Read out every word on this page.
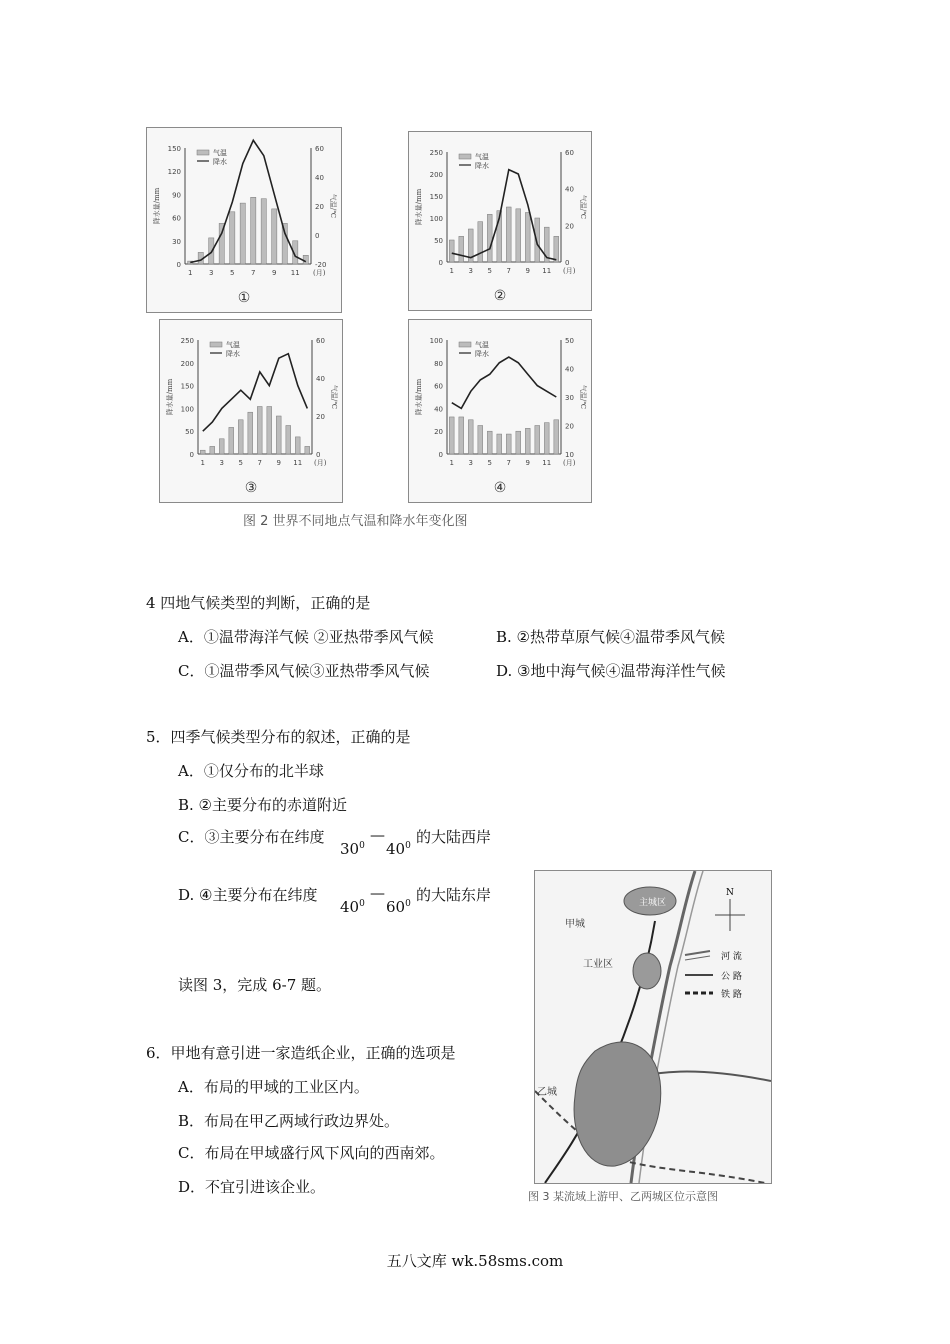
150
120
90
60
30
0
60
40
20
0
-20
降水量/mm	气温/℃
1 3 5 7 9 11 (月)
气温
降水
①
250
200
150
100
50
0
60
40
20
0
降水量/mm	气温/℃
1 3 5 7 9 11 (月)
气温
降水
②
250
200
150
100
50
0
60
40
20
0
降水量/mm	气温/℃
1 3 5 7 9 11 (月)
气温
降水
③
100
80
60
40
20
0
50
40
30
20
10
降水量/mm	气温/℃
1 3 5 7 9 11 (月)
气温
降水
④
图 2 世界不同地点气温和降水年变化图
4 四地气候类型的判断，正确的是
A．①温带海洋气候 ②亚热带季风气候	B. ②热带草原气候④温带季风气候
C．①温带季风气候③亚热带季风气候	D. ③地中海气候④温带海洋性气候
5．四季气候类型分布的叙述，正确的是
A．①仅分布的北半球
B. ②主要分布的赤道附近
C．③主要分布在纬度
$30^0$
—
$40^0$ 的大陆西岸
D. ④主要分布在纬度
$40^0$
—
$60^0$ 的大陆东岸
读图 3，完成 6-7 题。
6．甲地有意引进一家造纸企业，正确的选项是
A．布局的甲域的工业区内。
B．布局在甲乙两域行政边界处。
C．布局在甲域盛行风下风向的西南郊。
D．不宜引进该企业。
主城区
工业区
甲城
乙城
N
河 流
公 路
铁 路
图 3 某流域上游甲、乙两城区位示意图
五八文库 wk.58sms.com
